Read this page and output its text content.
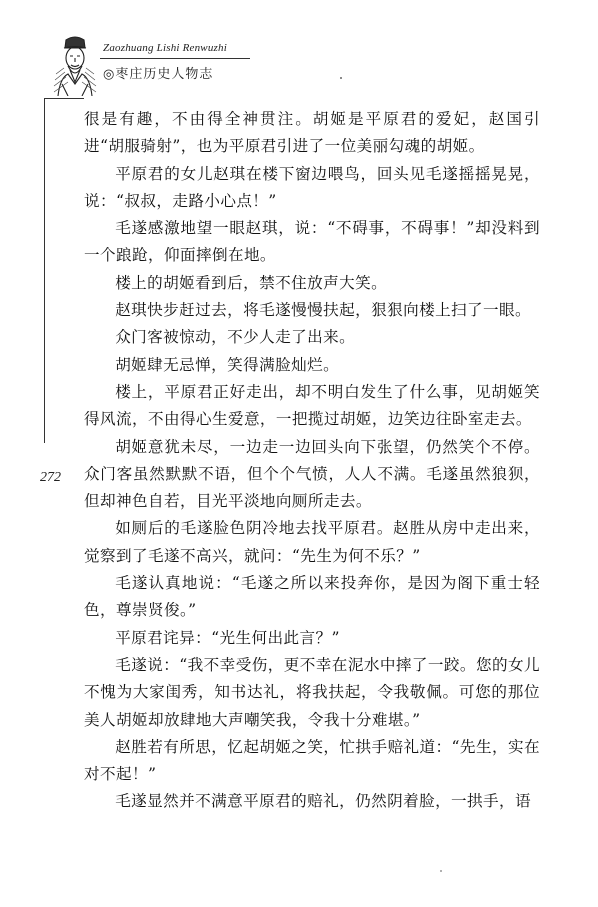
Zaozhuang Lishi Renwuzhi
◎枣庄历史人物志
272

很是有趣，不由得全神贯注。胡姬是平原君的爱妃，赵国引进“胡服骑射”，也为平原君引进了一位美丽勾魂的胡姬。

平原君的女儿赵琪在楼下窗边喂鸟，回头见毛遂摇摇晃晃，说：“叔叔，走路小心点！”

毛遂感激地望一眼赵琪，说：“不碍事，不碍事！”却没料到一个踉跄，仰面摔倒在地。

楼上的胡姬看到后，禁不住放声大笑。

赵琪快步赶过去，将毛遂慢慢扶起，狠狠向楼上扫了一眼。

众门客被惊动，不少人走了出来。

胡姬肆无忌惮，笑得满脸灿烂。

楼上，平原君正好走出，却不明白发生了什么事，见胡姬笑得风流，不由得心生爱意，一把揽过胡姬，边笑边往卧室走去。

胡姬意犹未尽，一边走一边回头向下张望，仍然笑个不停。众门客虽然默默不语，但个个气愤，人人不满。毛遂虽然狼狈，但却神色自若，目光平淡地向厕所走去。

如厕后的毛遂脸色阴冷地去找平原君。赵胜从房中走出来，觉察到了毛遂不高兴，就问：“先生为何不乐？”

毛遂认真地说：“毛遂之所以来投奔你，是因为阁下重士轻色，尊崇贤俊。”

平原君诧异：“光生何出此言？”

毛遂说：“我不幸受伤，更不幸在泥水中摔了一跤。您的女儿不愧为大家闺秀，知书达礼，将我扶起，令我敬佩。可您的那位美人胡姬却放肆地大声嘲笑我，令我十分难堪。”

赵胜若有所思，忆起胡姬之笑，忙拱手赔礼道：“先生，实在对不起！”

毛遂显然并不满意平原君的赔礼，仍然阴着脸，一拱手，语
